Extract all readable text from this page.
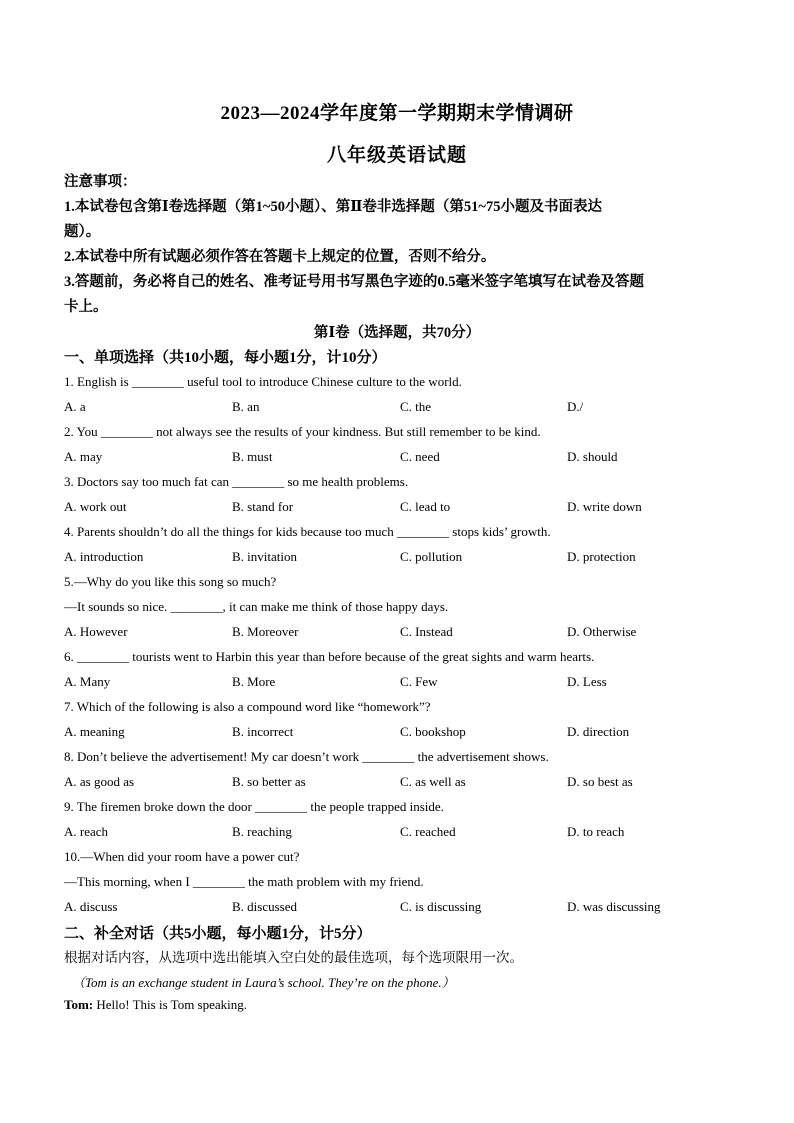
2023—2024学年度第一学期期末学情调研
八年级英语试题
注意事项：
1.本试卷包含第Ⅰ卷选择题（第1~50小题）、第Ⅱ卷非选择题（第51~75小题及书面表达
题）。
2.本试卷中所有试题必须作答在答题卡上规定的位置，否则不给分。
3.答题前，务必将自己的姓名、准考证号用书写黑色字迹的0.5毫米签字笔填写在试卷及答题
卡上。
第Ⅰ卷（选择题，共70分）
一、单项选择（共10小题，每小题1分，计10分）
1. English is ________ useful tool to introduce Chinese culture to the world.
A. a	B. an	C. the	D./
2. You ________ not always see the results of your kindness. But still remember to be kind.
A. may	B. must	C. need	D. should
3. Doctors say too much fat can ________ so me health problems.
A. work out	B. stand for	C. lead to	D. write down
4. Parents shouldn’t do all the things for kids because too much ________ stops kids’ growth.
A. introduction	B. invitation	C. pollution	D. protection
5.—Why do you like this song so much?
—It sounds so nice. ________, it can make me think of those happy days.
A. However	B. Moreover	C. Instead	D. Otherwise
6. ________ tourists went to Harbin this year than before because of the great sights and warm hearts.
A. Many	B. More	C. Few	D. Less
7. Which of the following is also a compound word like “homework”?
A. meaning	B. incorrect	C. bookshop	D. direction
8. Don’t believe the advertisement! My car doesn’t work ________ the advertisement shows.
A. as good as	B. so better as	C. as well as	D. so best as
9. The firemen broke down the door ________ the people trapped inside.
A. reach	B. reaching	C. reached	D. to reach
10.—When did your room have a power cut?
—This morning, when I ________ the math problem with my friend.
A. discuss	B. discussed	C. is discussing	D. was discussing
二、补全对话（共5小题，每小题1分，计5分）
根据对话内容，从选项中选出能填入空白处的最佳选项，每个选项限用一次。
（Tom is an exchange student in Laura’s school. They’re on the phone.）
Tom: Hello! This is Tom speaking.
